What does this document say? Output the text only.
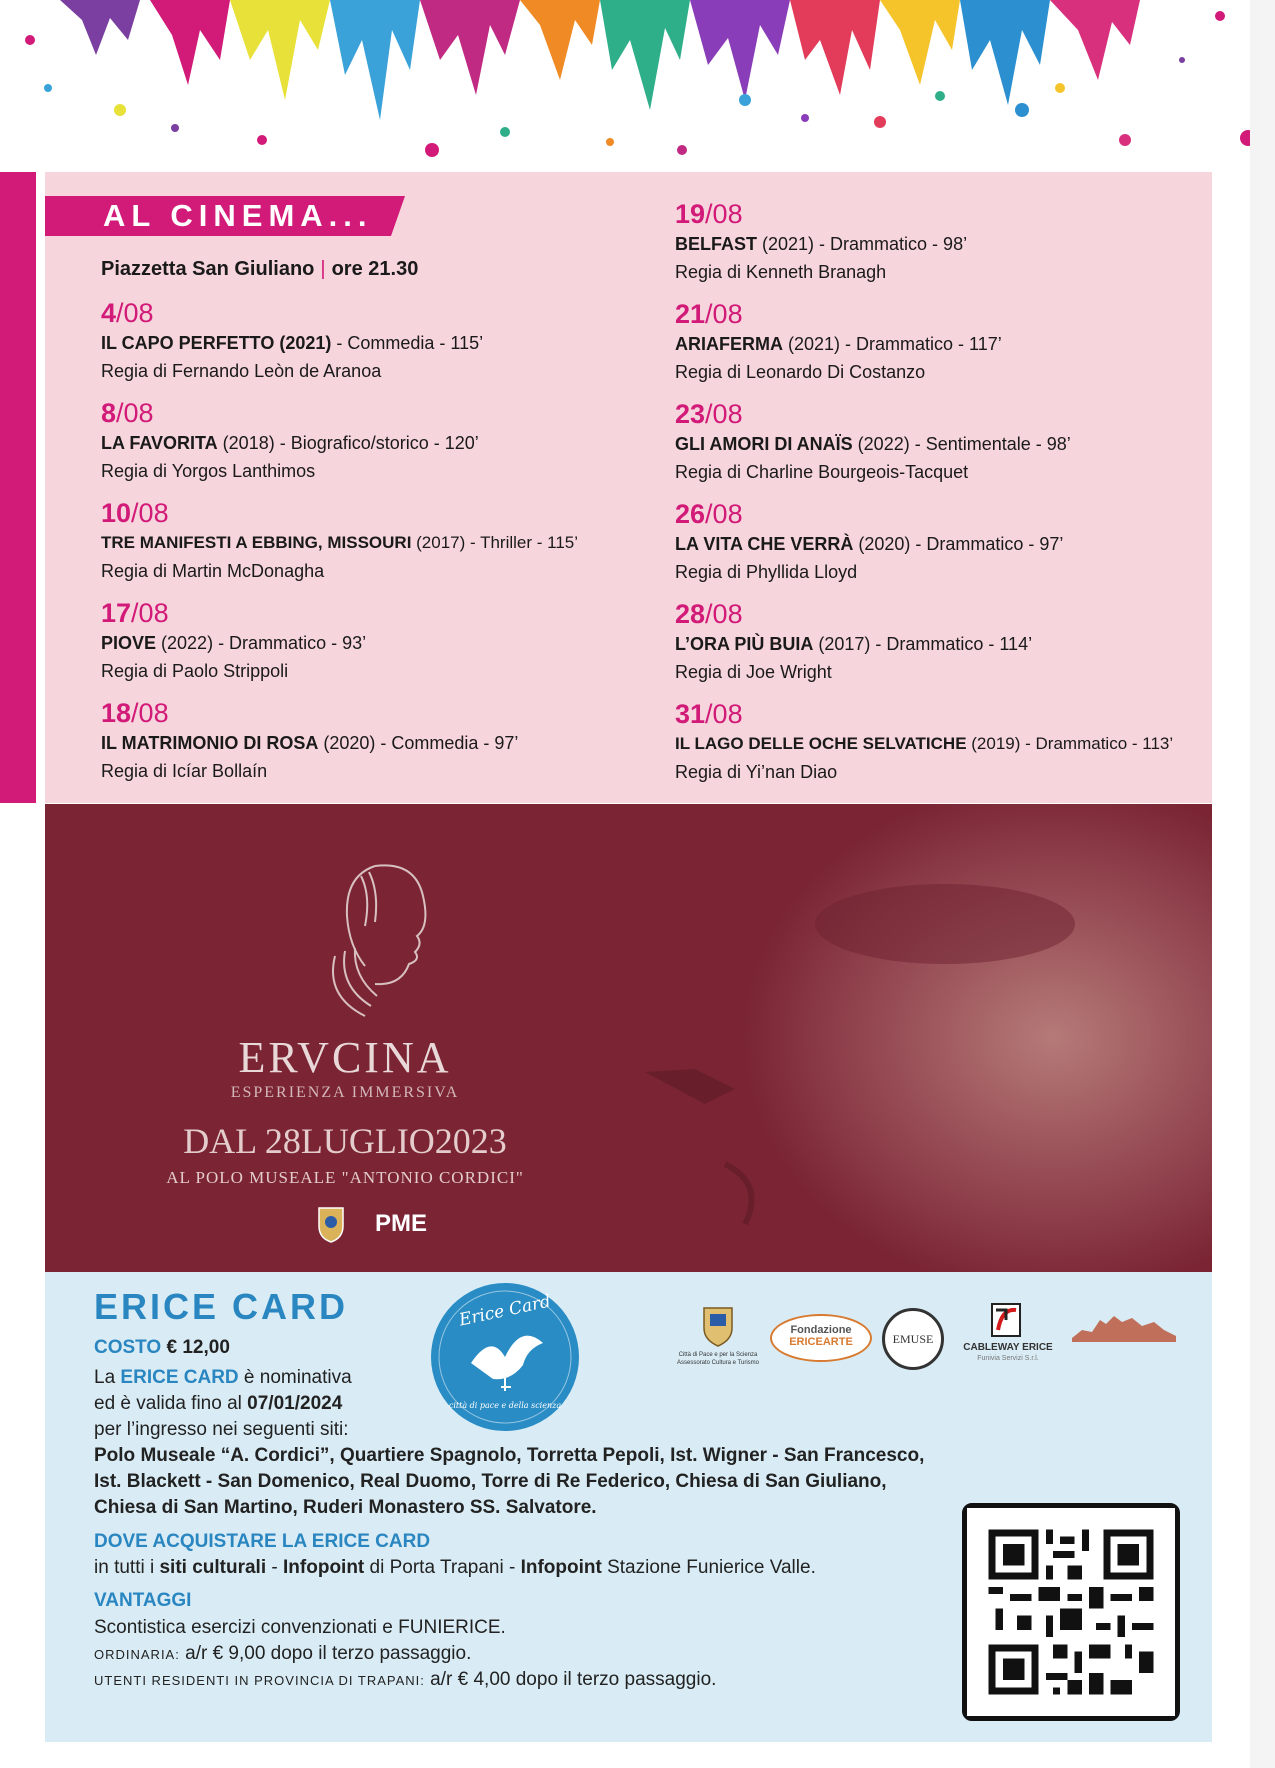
AL CINEMA...
Piazzetta San Giuliano | ore 21.30
4/08
IL CAPO PERFETTO (2021) - Commedia - 115’
Regia di Fernando Leòn de Aranoa
8/08
LA FAVORITA (2018) - Biografico/storico - 120’
Regia di Yorgos Lanthimos
10/08
TRE MANIFESTI A EBBING, MISSOURI (2017) - Thriller - 115’
Regia di Martin McDonagha
17/08
PIOVE (2022) - Drammatico - 93’
Regia di Paolo Strippoli
18/08
IL MATRIMONIO DI ROSA (2020) - Commedia - 97’
Regia di Icíar Bollaín
19/08
BELFAST (2021) - Drammatico - 98’
Regia di Kenneth Branagh
21/08
ARIAFERMA (2021) - Drammatico - 117’
Regia di Leonardo Di Costanzo
23/08
GLI AMORI DI ANAÏS (2022) - Sentimentale - 98’
Regia di Charline Bourgeois-Tacquet
26/08
LA VITA CHE VERRÀ (2020) - Drammatico - 97’
Regia di Phyllida Lloyd
28/08
L’ORA PIÙ BUIA (2017) - Drammatico - 114’
Regia di Joe Wright
31/08
IL LAGO DELLE OCHE SELVATICHE (2019) - Drammatico - 113’
Regia di Yi’nan Diao
ERVCINA
ESPERIENZA IMMERSIVA
DAL 28LUGLIO2023
AL POLO MUSEALE "ANTONIO CORDICI"
PME
ERICE CARD
COSTO € 12,00
La ERICE CARD è nominativa
ed è valida fino al 07/01/2024
per l’ingresso nei seguenti siti:
Polo Museale “A. Cordici”, Quartiere Spagnolo, Torretta Pepoli, Ist. Wigner - San Francesco,
Ist. Blackett - San Domenico, Real Duomo, Torre di Re Federico, Chiesa di San Giuliano,
Chiesa di San Martino, Ruderi Monastero SS. Salvatore.
DOVE ACQUISTARE LA ERICE CARD
in tutti i siti culturali - Infopoint di Porta Trapani - Infopoint Stazione Funierice Valle.
VANTAGGI
Scontistica esercizi convenzionati e FUNIERICE.
ORDINARIA: a/r € 9,00 dopo il terzo passaggio.
UTENTI RESIDENTI IN PROVINCIA DI TRAPANI: a/r € 4,00 dopo il terzo passaggio.
Erice Card
città di pace e della scienza
Città di Pace e per la Scienza
Assessorato Cultura e Turismo
Fondazione
ERICEARTE	EMUSE
CABLEWAY ERICE
Funivia Servizi S.r.l.
